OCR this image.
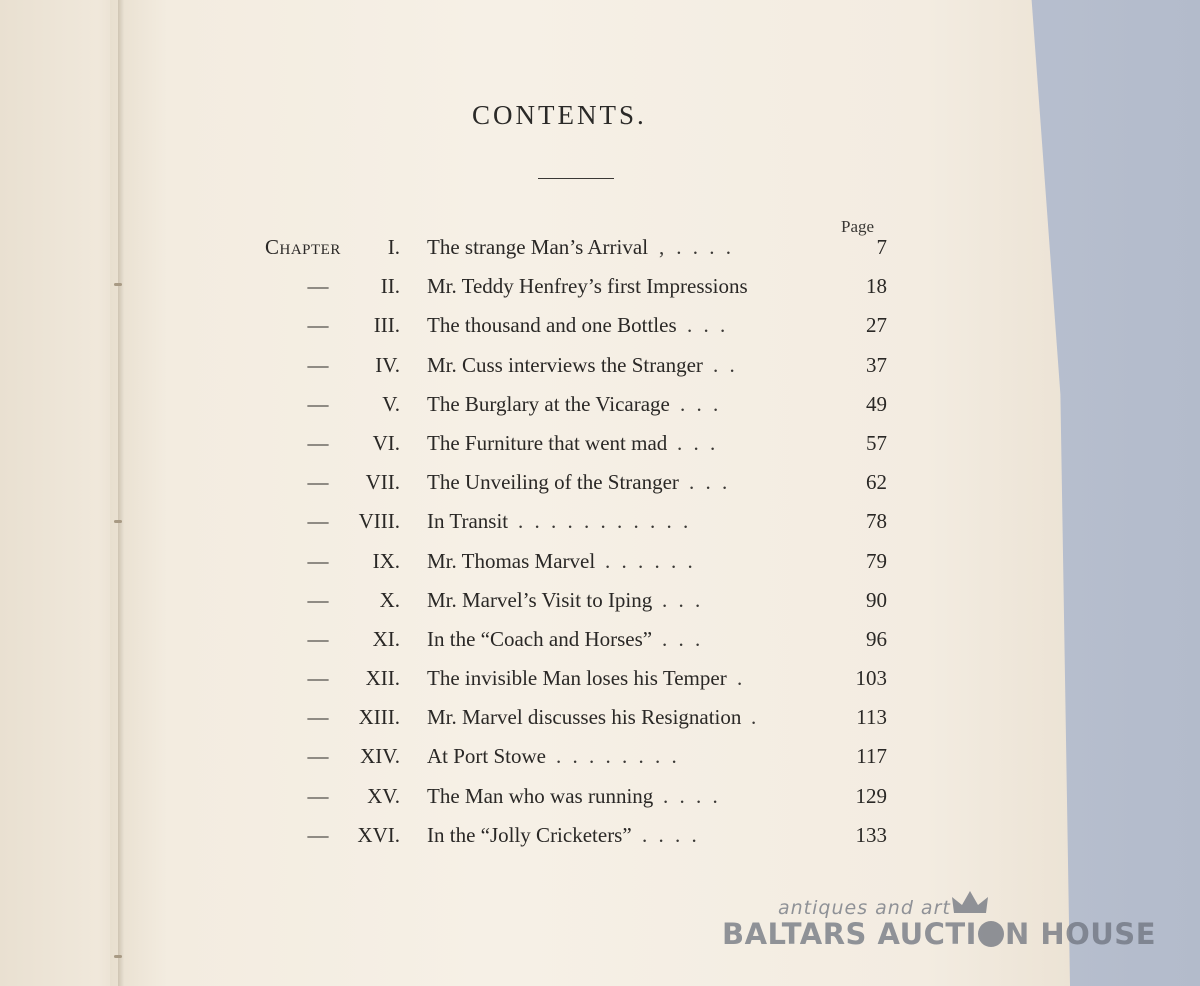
CONTENTS.
Page
Chapter I. The strange Man’s Arrival ‚ . . . .	7
— II. Mr. Teddy Henfrey’s first Impressions	18
— III. The thousand and one Bottles . . .	27
— IV. Mr. Cuss interviews the Stranger . .	37
—	V. The Burglary at the Vicarage . . .	49
— VI. The Furniture that went mad . . .	57
— VII. The Unveiling of the Stranger . . .	62
— VIII. In Transit . . . . . . . . . . .	78
— IX. Mr. Thomas Marvel . . . . . .	79
— X. Mr. Marvel’s Visit to Iping . . .	90
— XI. In the “Coach and Horses” . . .	96
— XII. The invisible Man loses his Temper .	103
— XIII. Mr. Marvel discusses his Resignation .	113
— XIV. At Port Stowe . . . . . . . .	117
— XV. The Man who was running . . . .	129
— XVI. In the “Jolly Cricketers” . . . .	133
antiques and art
BALTARS AUCTI N HOUSE
